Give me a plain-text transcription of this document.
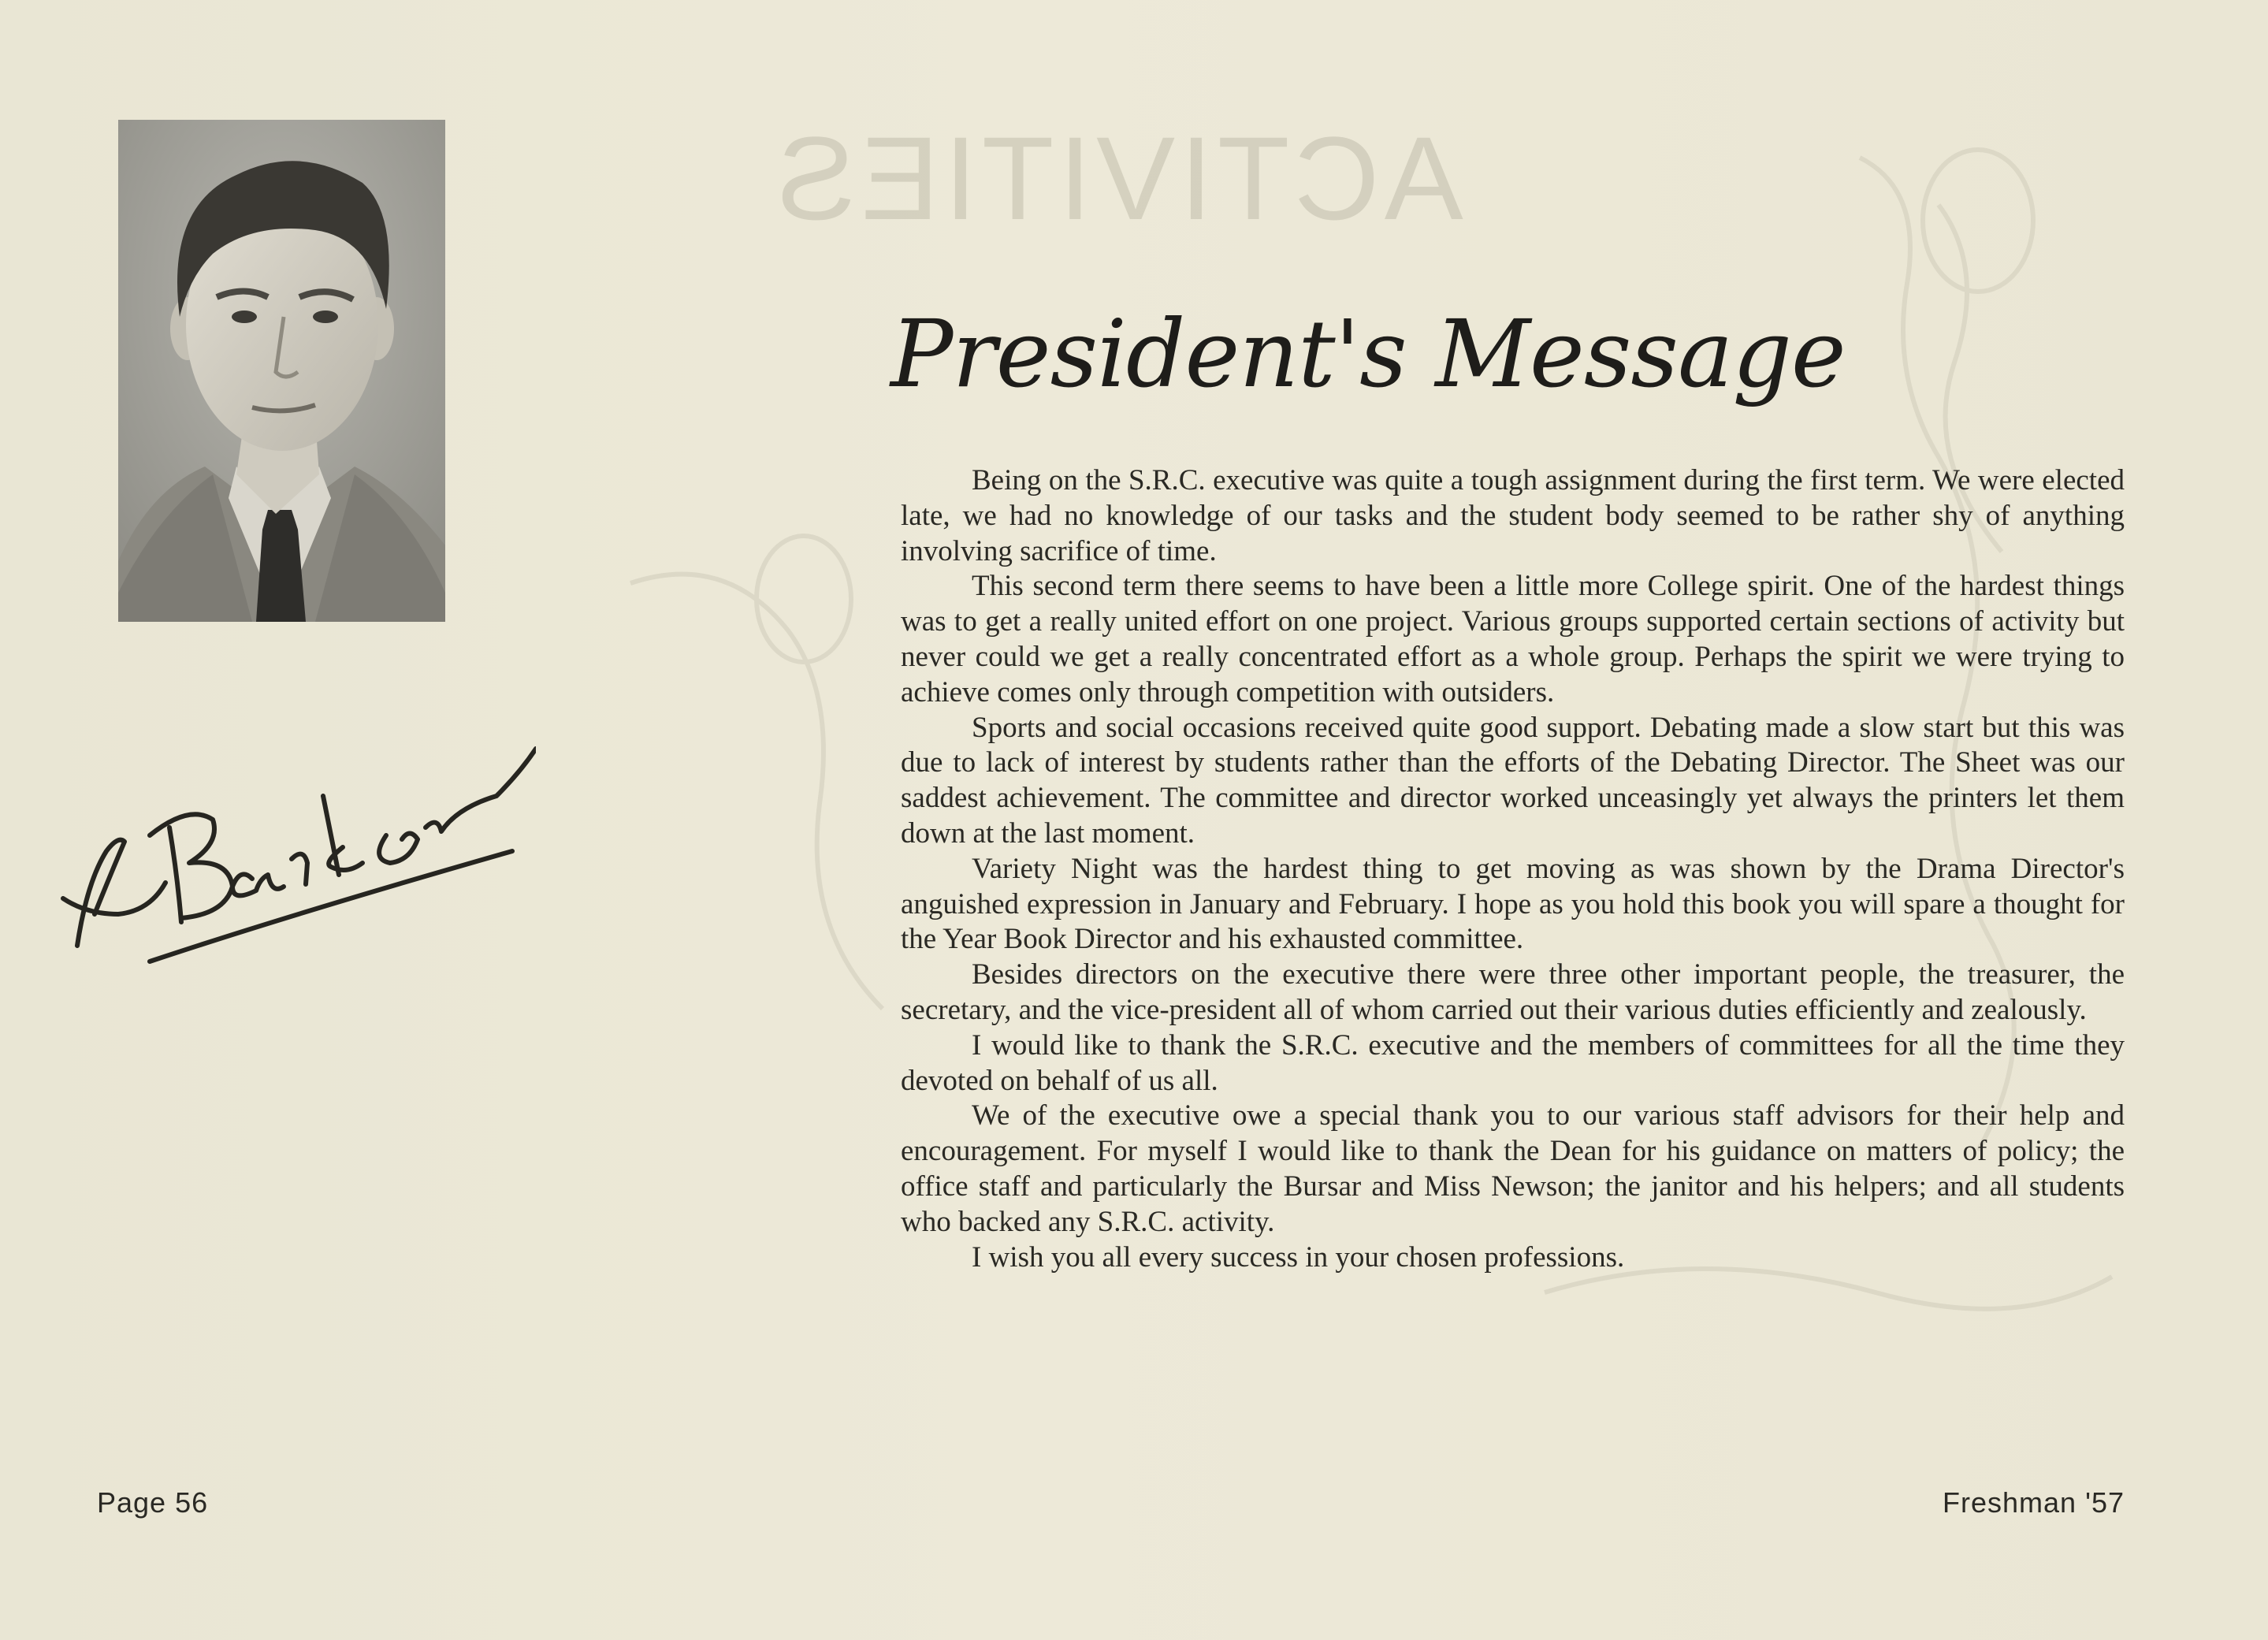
ACTIVITIES
President's Message

Being on the S.R.C. executive was quite a tough assignment during the first term. We were elected late, we had no knowledge of our tasks and the student body seemed to be rather shy of anything involving sacrifice of time.

This second term there seems to have been a little more College spirit. One of the hardest things was to get a really united effort on one project. Various groups supported certain sections of activity but never could we get a really concentrated effort as a whole group. Perhaps the spirit we were trying to achieve comes only through competition with outsiders.

Sports and social occasions received quite good support. Debating made a slow start but this was due to lack of interest by students rather than the efforts of the Debating Director. The Sheet was our saddest achievement. The committee and director worked unceasingly yet always the printers let them down at the last moment.

Variety Night was the hardest thing to get moving as was shown by the Drama Director's anguished expression in January and February. I hope as you hold this book you will spare a thought for the Year Book Director and his exhausted committee.

Besides directors on the executive there were three other important people, the treasurer, the secretary, and the vice-president all of whom carried out their various duties efficiently and zealously.

I would like to thank the S.R.C. executive and the members of committees for all the time they devoted on behalf of us all.

We of the executive owe a special thank you to our various staff advisors for their help and encouragement. For myself I would like to thank the Dean for his guidance on matters of policy; the office staff and particularly the Bursar and Miss Newson; the janitor and his helpers; and all students who backed any S.R.C. activity.

I wish you all every success in your chosen professions.

Page 56	Freshman '57
